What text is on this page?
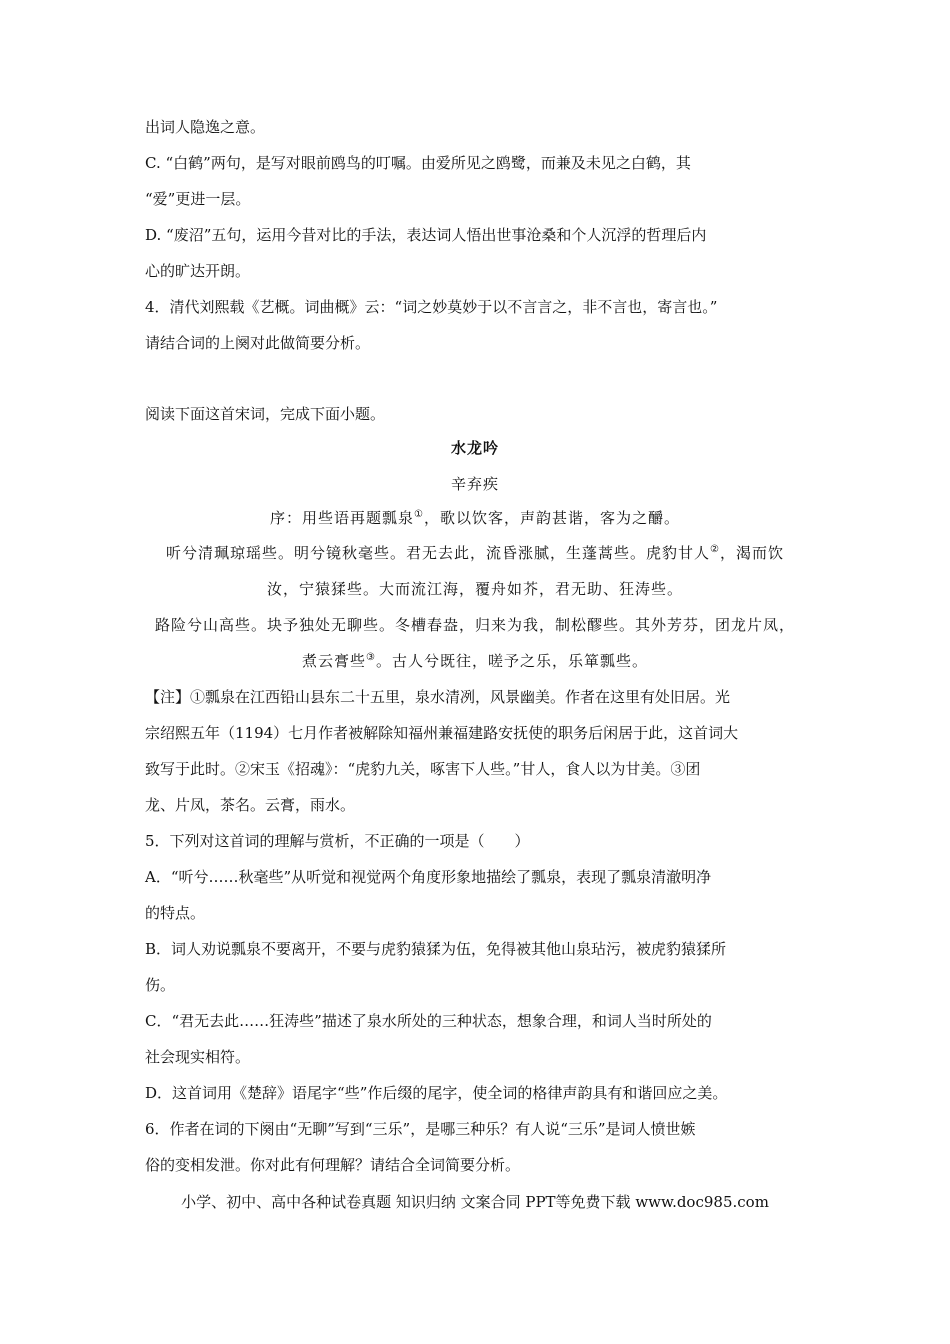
出词人隐逸之意。
C. “白鹤”两句，是写对眼前鸥鸟的叮嘱。由爱所见之鸥鹭，而兼及未见之白鹤，其
“爱”更进一层。
D. “废沼”五句，运用今昔对比的手法，表达词人悟出世事沧桑和个人沉浮的哲理后内
心的旷达开朗。
4．清代刘熙载《艺概。词曲概》云：“词之妙莫妙于以不言言之，非不言也，寄言也。”
请结合词的上阕对此做简要分析。
阅读下面这首宋词，完成下面小题。
水龙吟
辛弃疾
序：用些语再题瓢泉①，歌以饮客，声韵甚谐，客为之釂。
听兮清珮琼瑶些。明兮镜秋毫些。君无去此，流昏涨腻，生蓬蒿些。虎豹甘人②，渴而饮
汝，宁猿猱些。大而流江海，覆舟如芥，君无助、狂涛些。
路险兮山高些。块予独处无聊些。冬槽春盎，归来为我，制松醪些。其外芳芬，团龙片凤，
煮云膏些③。古人兮既往，嗟予之乐，乐箪瓢些。
【注】①瓢泉在江西铅山县东二十五里，泉水清冽，风景幽美。作者在这里有处旧居。光
宗绍熙五年（1194）七月作者被解除知福州兼福建路安抚使的职务后闲居于此，这首词大
致写于此时。②宋玉《招魂》：“虎豹九关，啄害下人些。”甘人，食人以为甘美。③团
龙、片凤，茶名。云膏，雨水。
5．下列对这首词的理解与赏析，不正确的一项是（　　）
A．“听兮……秋毫些”从听觉和视觉两个角度形象地描绘了瓢泉，表现了瓢泉清澈明净
的特点。
B．词人劝说瓢泉不要离开，不要与虎豹猿猱为伍，免得被其他山泉玷污，被虎豹猿猱所
伤。
C．“君无去此……狂涛些”描述了泉水所处的三种状态，想象合理，和词人当时所处的
社会现实相符。
D．这首词用《楚辞》语尾字“些”作后缀的尾字，使全词的格律声韵具有和谐回应之美。
6．作者在词的下阕由“无聊”写到“三乐”，是哪三种乐？有人说“三乐”是词人愤世嫉
俗的变相发泄。你对此有何理解？请结合全词简要分析。
小学、初中、高中各种试卷真题 知识归纳 文案合同 PPT等免费下载 www.doc985.com
